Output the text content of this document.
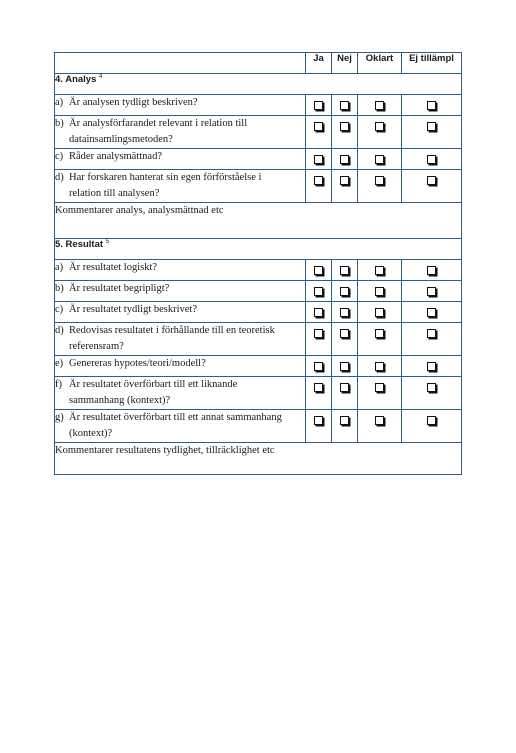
	Ja	Nej	Oklart	Ej tillämpl
4. Analys $^4$
a) Är analysen tydligt beskriven?				
b) Är analysförfarandet relevant i relation till datainsamlingsmetoden?				
c) Råder analysmättnad?				
d) Har forskaren hanterat sin egen förförståelse i relation till analysen?				
Kommentarer analys, analysmättnad etc				
5. Resultat $^5$
a) Är resultatet logiskt?				
b) Är resultatet begripligt?				
c) Är resultatet tydligt beskrivet?				
d) Redovisas resultatet i förhållande till en teoretisk referensram?				
e) Genereras hypotes/teori/modell?				
f) Är resultatet överförbart till ett liknande sammanhang (kontext)?				
g) Är resultatet överförbart till ett annat sammanhang (kontext)?				
Kommentarer resultatens tydlighet, tillräcklighet etc				
